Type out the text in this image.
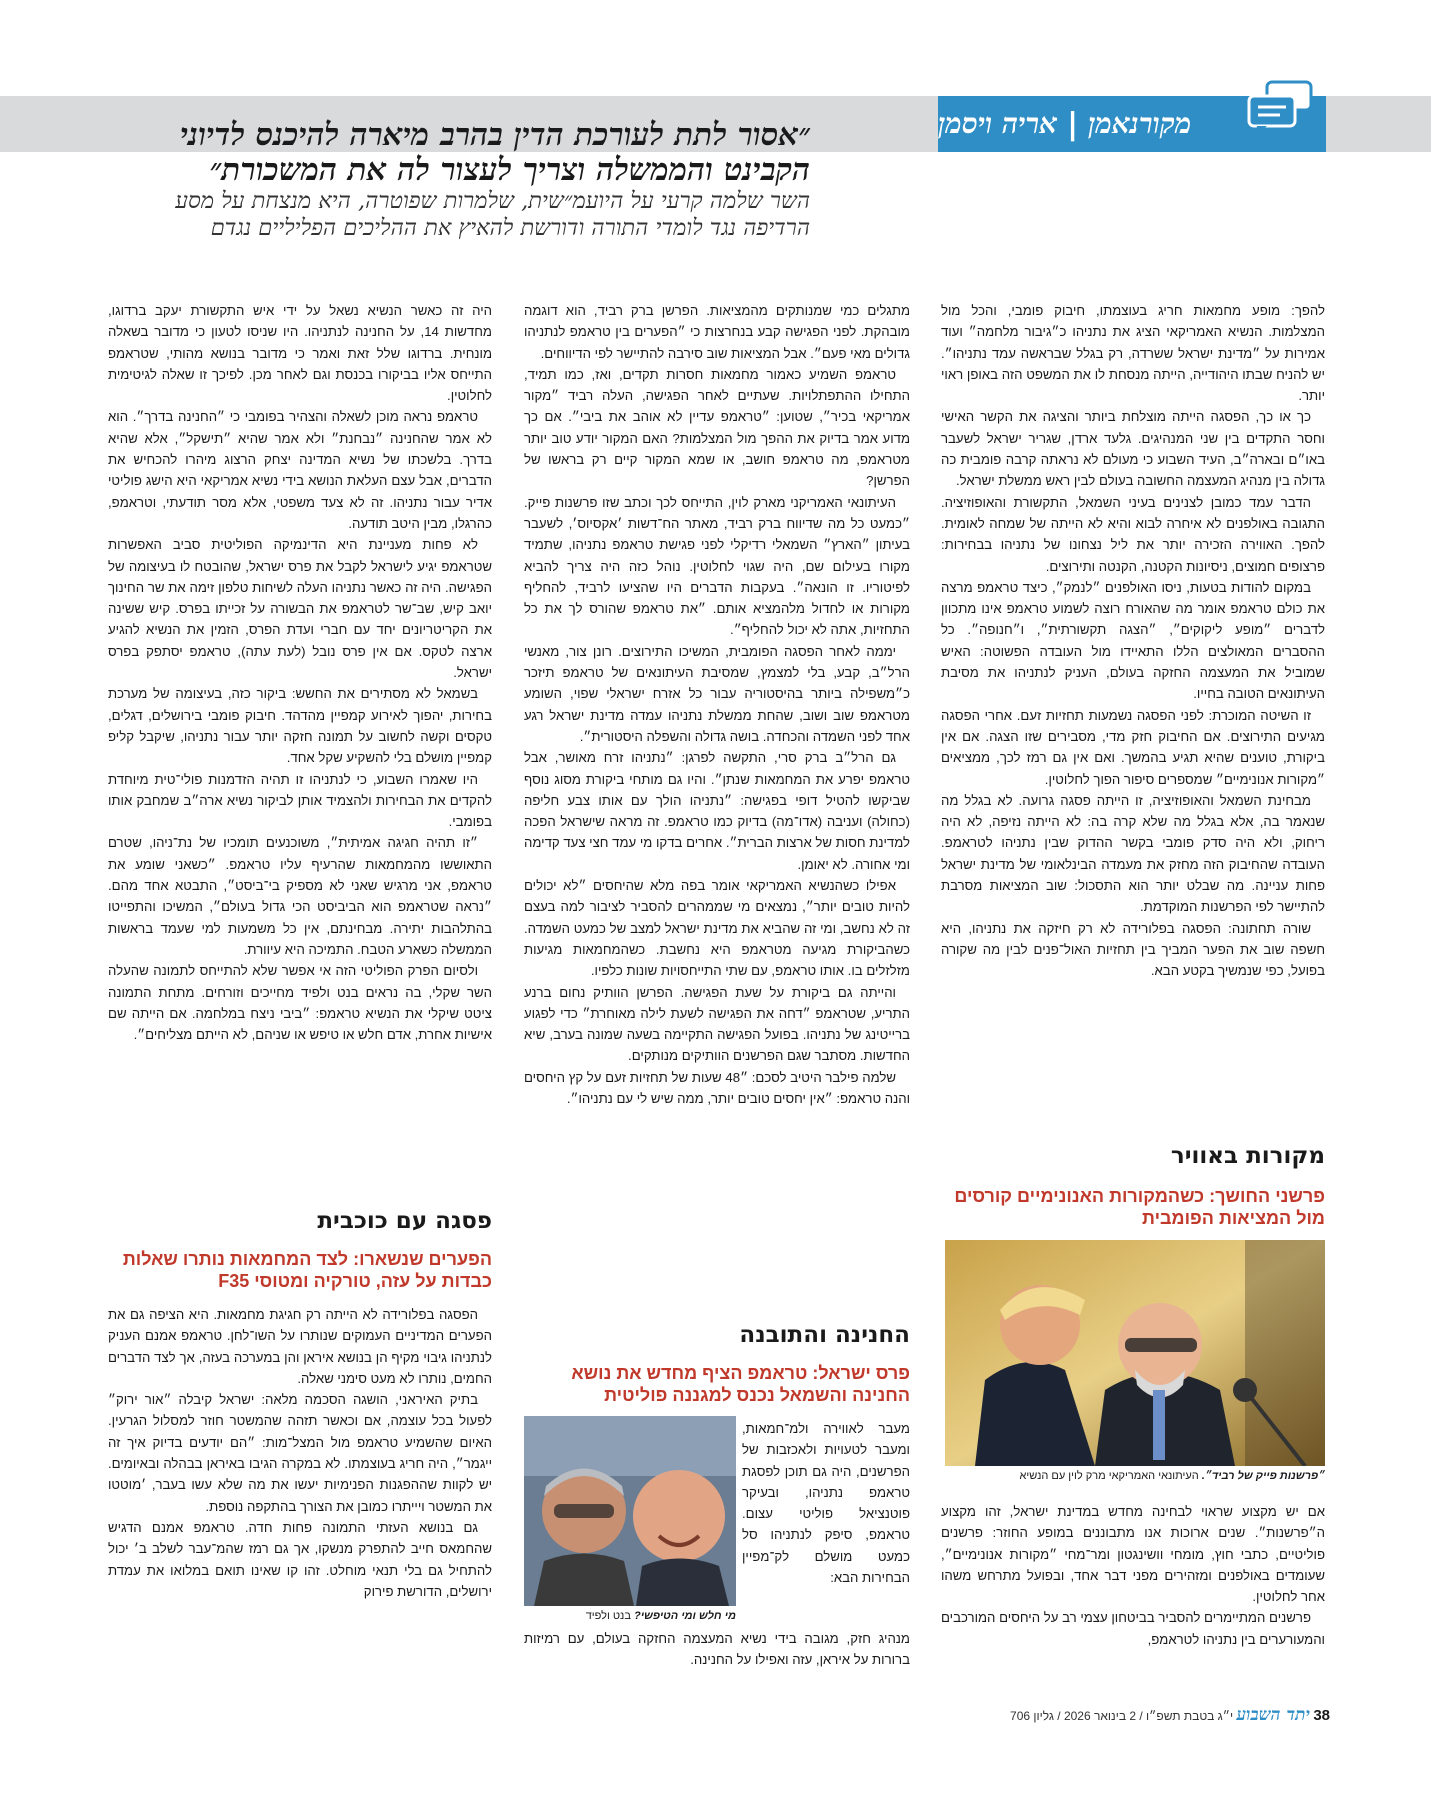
מקורנאמן
|
אריה ויסמן
״אסור לתת לעורכת הדין בהרב מיארה להיכנס לדיוני הקבינט והממשלה וצריך לעצור לה את המשכורת״
השר שלמה קרעי על היועמ״שית, שלמרות שפוטרה, היא מנצחת על מסע הרדיפה נגד לומדי התורה ודורשת להאיץ את ההליכים הפליליים נגדם

להפך: מופע מחמאות חריג בעוצמתו, חיבוק פומבי, והכל מול המצלמות. הנשיא האמריקאי הציג את נתניהו כ״גיבור מלחמה״ ועוד אמירות על ״מדינת ישראל ששרדה, רק בגלל שבראשה עמד נתניהו״. יש להניח שבתו היהודייה, הייתה מנסחת לו את המשפט הזה באופן ראוי יותר.

כך או כך, הפסגה הייתה מוצלחת ביותר והציגה את הקשר האישי וחסר התקדים בין שני המנהיגים. גלעד ארדן, שגריר ישראל לשעבר באו״ם ובארה״ב, העיד השבוע כי מעולם לא נראתה קרבה פומבית כה גדולה בין מנהיג המעצמה החשובה בעולם לבין ראש ממשלת ישראל.

הדבר עמד כמובן לצנינים בעיני השמאל, התקשורת והאופוזיציה. התגובה באולפנים לא איחרה לבוא והיא לא הייתה של שמחה לאומית. להפך. האווירה הזכירה יותר את ליל נצחונו של נתניהו בבחירות: פרצופים חמוצים, ניסיונות הקטנה, הקנטה ותירוצים.

במקום להודות בטעות, ניסו האולפנים ״לנמק״, כיצד טראמפ מרצה את כולם טראמפ אומר מה שהאורח רוצה לשמוע טראמפ אינו מתכוון לדברים ״מופע ליקוקים״, ״הצגה תקשורתית״, ו״חנופה״. כל ההסברים המאולצים הללו התאיידו מול העובדה הפשוטה: האיש שמוביל את המעצמה החזקה בעולם, העניק לנתניהו את מסיבת העיתונאים הטובה בחייו.

זו השיטה המוכרת: לפני הפסגה נשמעות תחזיות זעם. אחרי הפסגה מגיעים התירוצים. אם החיבוק חזק מדי, מסבירים שזו הצגה. אם אין ביקורת, טוענים שהיא תגיע בהמשך. ואם אין גם רמז לכך, ממציאים ״מקורות אנונימיים״ שמספרים סיפור הפוך לחלוטין.

מבחינת השמאל והאופוזיציה, זו הייתה פסגה גרועה. לא בגלל מה שנאמר בה, אלא בגלל מה שלא קרה בה: לא הייתה נזיפה, לא היה ריחוק, ולא היה סדק פומבי בקשר ההדוק שבין נתניהו לטראמפ. העובדה שהחיבוק הזה מחזק את מעמדה הבינלאומי של מדינת ישראל פחות עניינה. מה שבלט יותר הוא התסכול: שוב המציאות מסרבת להתיישר לפי הפרשנות המוקדמת.

שורה תחתונה: הפסגה בפלורידה לא רק חיזקה את נתניהו, היא חשפה שוב את הפער המביך בין תחזיות האול־פנים לבין מה שקורה בפועל, כפי שנמשיך בקטע הבא.

מקורות באוויר
פרשני החושך: כשהמקורות האנונימיים קורסים מול המציאות הפומבית
״פרשנות פייק של רביד״. העיתונאי האמריקאי מרק לוין עם הנשיא

אם יש מקצוע שראוי לבחינה מחדש במדינת ישראל, זהו מקצוע ה״פרשנות״. שנים ארוכות אנו מתבוננים במופע החוזר: פרשנים פוליטיים, כתבי חוץ, מומחי וושינגטון ומר־מחי ״מקורות אנונימיים״, שעומדים באולפנים ומזהירים מפני דבר אחד, ובפועל מתרחש משהו אחר לחלוטין.

פרשנים המתיימרים להסביר בביטחון עצמי רב על היחסים המורכבים והמעורערים בין נתניהו לטראמפ,

מתגלים כמי שמנותקים מהמציאות. הפרשן ברק רביד, הוא דוגמה מובהקת. לפני הפגישה קבע בנחרצות כי ״הפערים בין טראמפ לנתניהו גדולים מאי פעם״. אבל המציאות שוב סירבה להתיישר לפי הדיווחים.

טראמפ השמיע כאמור מחמאות חסרות תקדים, ואז, כמו תמיד, התחילו ההתפתלויות. שעתיים לאחר הפגישה, העלה רביד ״מקור אמריקאי בכיר״, שטוען: ״טראמפ עדיין לא אוהב את ביבי״. אם כך מדוע אמר בדיוק את ההפך מול המצלמות? האם המקור יודע טוב יותר מטראמפ, מה טראמפ חושב, או שמא המקור קיים רק בראשו של הפרשן?

העיתונאי האמריקני מארק לוין, התייחס לכך וכתב שזו פרשנות פייק. ״כמעט כל מה שדיווח ברק רביד, מאתר הח־דשות ׳אקסיוס׳, לשעבר בעיתון ״הארץ״ השמאלי רדיקלי לפני פגישת טראמפ נתניהו, שתמיד מקורו בעילום שם, היה שגוי לחלוטין. נוהל כזה היה צריך להביא לפיטוריו. זו הונאה״. בעקבות הדברים היו שהציעו לרביד, להחליף מקורות או לחדול מלהמציא אותם. ״את טראמפ שהורס לך את כל התחזיות, אתה לא יכול להחליף״.

יממה לאחר הפסגה הפומבית, המשיכו התירוצים. רונן צור, מאנשי הרל״ב, קבע, בלי למצמץ, שמסיבת העיתונאים של טראמפ תיזכר כ״משפילה ביותר בהיסטוריה עבור כל אזרח ישראלי שפוי, השומע מטראמפ שוב ושוב, שהחת ממשלת נתניהו עמדה מדינת ישראל רגע אחד לפני השמדה והכחדה. בושה גדולה והשפלה היסטורית״.

גם הרל״ב ברק סרי, התקשה לפרגן: ״נתניהו זרח מאושר, אבל טראמפ יפרע את המחמאות שנתן״. והיו גם מותחי ביקורת מסוג נוסף שביקשו להטיל דופי בפגישה: ״נתניהו הולך עם אותו צבע חליפה (כחולה) ועניבה (אדו־מה) בדיוק כמו טראמפ. זה מראה שישראל הפכה למדינת חסות של ארצות הברית״. אחרים בדקו מי עמד חצי צעד קדימה ומי אחורה. לא יאומן.

אפילו כשהנשיא האמריקאי אומר בפה מלא שהיחסים ״לא יכולים להיות טובים יותר״, נמצאים מי שממהרים להסביר לציבור למה בעצם זה לא נחשב, ומי זה שהביא את מדינת ישראל למצב של כמעט השמדה. כשהביקורת מגיעה מטראמפ היא נחשבת. כשהמחמאות מגיעות מזלזלים בו. אותו טראמפ, עם שתי התייחסויות שונות כלפיו.

והייתה גם ביקורת על שעת הפגישה. הפרשן הוותיק נחום ברנע התריע, שטראמפ ״דחה את הפגישה לשעת לילה מאוחרת״ כדי לפגוע ברייטינג של נתניהו. בפועל הפגישה התקיימה בשעה שמונה בערב, שיא החדשות. מסתבר שגם הפרשנים הוותיקים מנותקים.

שלמה פילבר היטיב לסכם: ״48 שעות של תחזיות זעם על קץ היחסים והנה טראמפ: ״אין יחסים טובים יותר, ממה שיש לי עם נתניהו״.

החנינה והתובנה
פרס ישראל: טראמפ הציף מחדש את נושא החנינה והשמאל נכנס למגננה פוליטית
מי חלש ומי הטיפשי? בנט ולפיד

מעבר לאווירה ולמ־חמאות, ומעבר לטעויות ולאכזבות של הפרשנים, היה גם תוכן לפסגת טראמפ נתניהו, ובעיקר פוטנציאל פוליטי עצום. טראמפ, סיפק לנתניהו סל כמעט מושלם לק־מפיין הבחירות הבא:

מנהיג חזק, מגובה בידי נשיא המעצמה החזקה בעולם, עם רמיזות ברורות על איראן, עזה ואפילו על החנינה.

היה זה כאשר הנשיא נשאל על ידי איש התקשורת יעקב ברדוגו, מחדשות 14, על החנינה לנתניהו. היו שניסו לטעון כי מדובר בשאלה מונחית. ברדוגו שלל זאת ואמר כי מדובר בנושא מהותי, שטראמפ התייחס אליו בביקורו בכנסת וגם לאחר מכן. לפיכך זו שאלה לגיטימית לחלוטין.

טראמפ נראה מוכן לשאלה והצהיר בפומבי כי ״החנינה בדרך״. הוא לא אמר שהחנינה ״נבחנת״ ולא אמר שהיא ״תישקל״, אלא שהיא בדרך. בלשכתו של נשיא המדינה יצחק הרצוג מיהרו להכחיש את הדברים, אבל עצם העלאת הנושא בידי נשיא אמריקאי היא הישג פוליטי אדיר עבור נתניהו. זה לא צעד משפטי, אלא מסר תודעתי, וטראמפ, כהרגלו, מבין היטב תודעה.

לא פחות מעניינת היא הדינמיקה הפוליטית סביב האפשרות שטראמפ יגיע לישראל לקבל את פרס ישראל, שהובטח לו בעיצומה של הפגישה. היה זה כאשר נתניהו העלה לשיחות טלפון זימה את שר החינוך יואב קיש, שב־שר לטראמפ את הבשורה על זכייתו בפרס. קיש ששינה את הקריטריונים יחד עם חברי ועדת הפרס, הזמין את הנשיא להגיע ארצה לטקס. אם אין פרס נובל (לעת עתה), טראמפ יסתפק בפרס ישראל.

בשמאל לא מסתירים את החשש: ביקור כזה, בעיצומה של מערכת בחירות, יהפוך לאירוע קמפיין מהדהד. חיבוק פומבי בירושלים, דגלים, טקסים וקשה לחשוב על תמונה חזקה יותר עבור נתניהו, שיקבל קליפ קמפיין מושלם בלי להשקיע שקל אחד.

היו שאמרו השבוע, כי לנתניהו זו תהיה הזדמנות פולי־טית מיוחדת להקדים את הבחירות ולהצמיד אותן לביקור נשיא ארה״ב שמחבק אותו בפומבי.

״זו תהיה חגיגה אמיתית״, משוכנעים תומכיו של נת־ניהו, שטרם התאוששו מהמחמאות שהרעיף עליו טראמפ. ״כשאני שומע את טראמפ, אני מרגיש שאני לא מספיק בי־ביסט״, התבטא אחד מהם. ״נראה שטראמפ הוא הביביסט הכי גדול בעולם״, המשיכו והתפייטו בהתלהבות יתירה. מבחינתם, אין כל משמעות למי שעמד בראשות הממשלה כשארע הטבח. התמיכה היא עיוורת.

ולסיום הפרק הפוליטי הזה אי אפשר שלא להתייחס לתמונה שהעלה השר שקלי, בה נראים בנט ולפיד מחייכים וזורחים. מתחת התמונה ציטט שיקלי את הנשיא טראמפ: ״ביבי ניצח במלחמה. אם הייתה שם אישיות אחרת, אדם חלש או טיפש או שניהם, לא הייתם מצליחים״.

פסגה עם כוכבית
הפערים שנשארו: לצד המחמאות נותרו שאלות כבדות על עזה, טורקיה ומטוסי F35

הפסגה בפלורידה לא הייתה רק חגיגת מחמאות. היא הציפה גם את הפערים המדיניים העמוקים שנותרו על השו־לחן. טראמפ אמנם העניק לנתניהו גיבוי מקיף הן בנושא איראן והן במערכה בעזה, אך לצד הדברים החמים, נותרו לא מעט סימני שאלה.

בתיק האיראני, הושגה הסכמה מלאה: ישראל קיבלה ״אור ירוק״ לפעול בכל עוצמה, אם וכאשר תזהה שהמשטר חוזר למסלול הגרעין. האיום שהשמיע טראמפ מול המצל־מות: ״הם יודעים בדיוק איך זה ייגמר״, היה חריג בעוצמתו. לא במקרה הגיבו באיראן בבהלה ובאיומים. יש לקוות שההפגנות הפנימיות יעשו את מה שלא עשו בעבר, ׳מוטטו את המשטר ויייתרו כמובן את הצורך בהתקפה נוספת.

גם בנושא העזתי התמונה פחות חדה. טראמפ אמנם הדגיש שהחמאס חייב להתפרק מנשקו, אך גם רמז שהמ־עבר לשלב ב׳ יכול להתחיל גם בלי תנאי מוחלט. זהו קו שאינו תואם במלואו את עמדת ירושלים, הדורשת פירוק

38 יתד השבוע י״ג בטבת תשפ״ו / 2 בינואר 2026 / גליון 706
